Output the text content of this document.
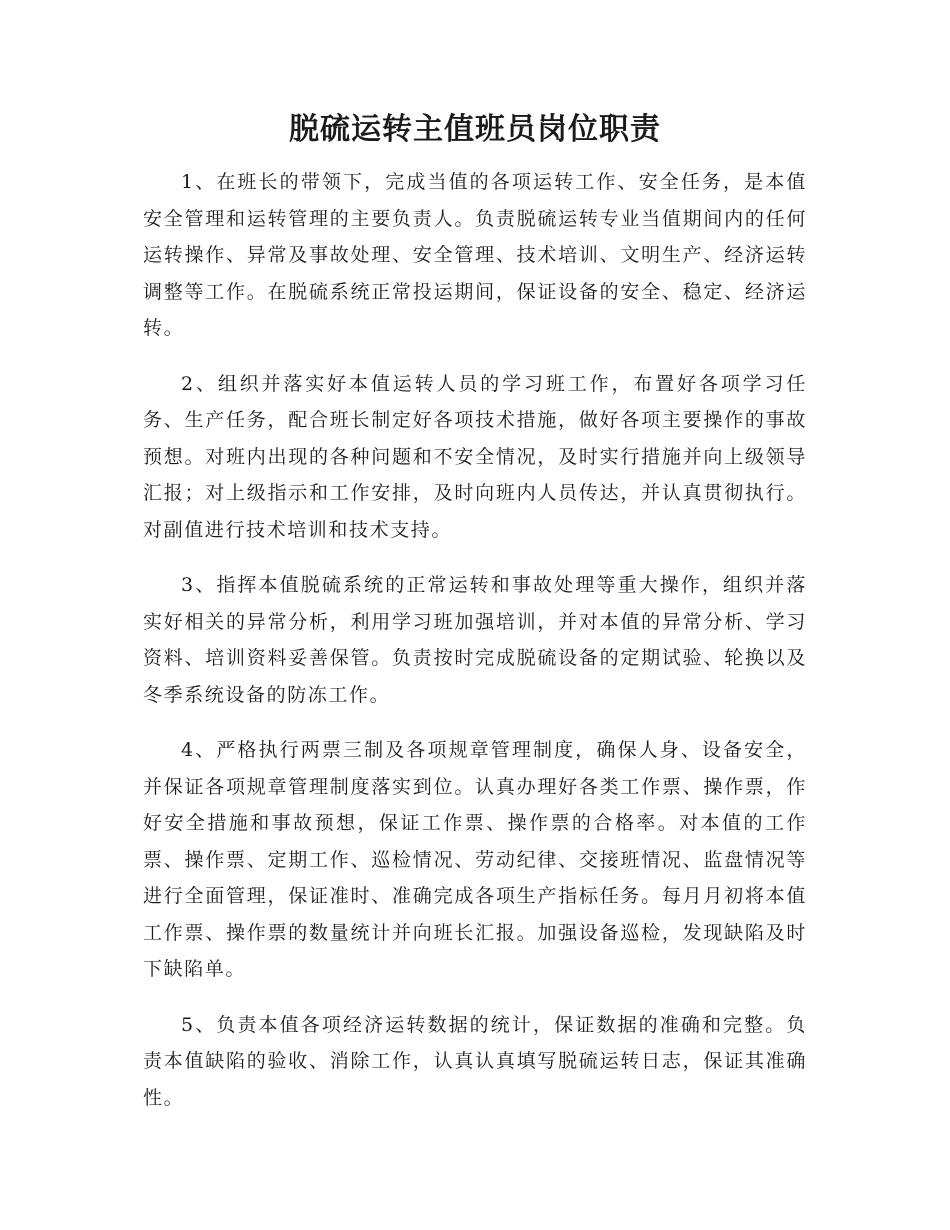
脱硫运转主值班员岗位职责

1、在班长的带领下，完成当值的各项运转工作、安全任务，是本值安全管理和运转管理的主要负责人。负责脱硫运转专业当值期间内的任何运转操作、异常及事故处理、安全管理、技术培训、文明生产、经济运转调整等工作。在脱硫系统正常投运期间，保证设备的安全、稳定、经济运转。

2、组织并落实好本值运转人员的学习班工作，布置好各项学习任务、生产任务，配合班长制定好各项技术措施，做好各项主要操作的事故预想。对班内出现的各种问题和不安全情况，及时实行措施并向上级领导汇报；对上级指示和工作安排，及时向班内人员传达，并认真贯彻执行。对副值进行技术培训和技术支持。

3、指挥本值脱硫系统的正常运转和事故处理等重大操作，组织并落实好相关的异常分析，利用学习班加强培训，并对本值的异常分析、学习资料、培训资料妥善保管。负责按时完成脱硫设备的定期试验、轮换以及冬季系统设备的防冻工作。

4、严格执行两票三制及各项规章管理制度，确保人身、设备安全，并保证各项规章管理制度落实到位。认真办理好各类工作票、操作票，作好安全措施和事故预想，保证工作票、操作票的合格率。对本值的工作票、操作票、定期工作、巡检情况、劳动纪律、交接班情况、监盘情况等进行全面管理，保证准时、准确完成各项生产指标任务。每月月初将本值工作票、操作票的数量统计并向班长汇报。加强设备巡检，发现缺陷及时下缺陷单。

5、负责本值各项经济运转数据的统计，保证数据的准确和完整。负责本值缺陷的验收、消除工作，认真认真填写脱硫运转日志，保证其准确性。
